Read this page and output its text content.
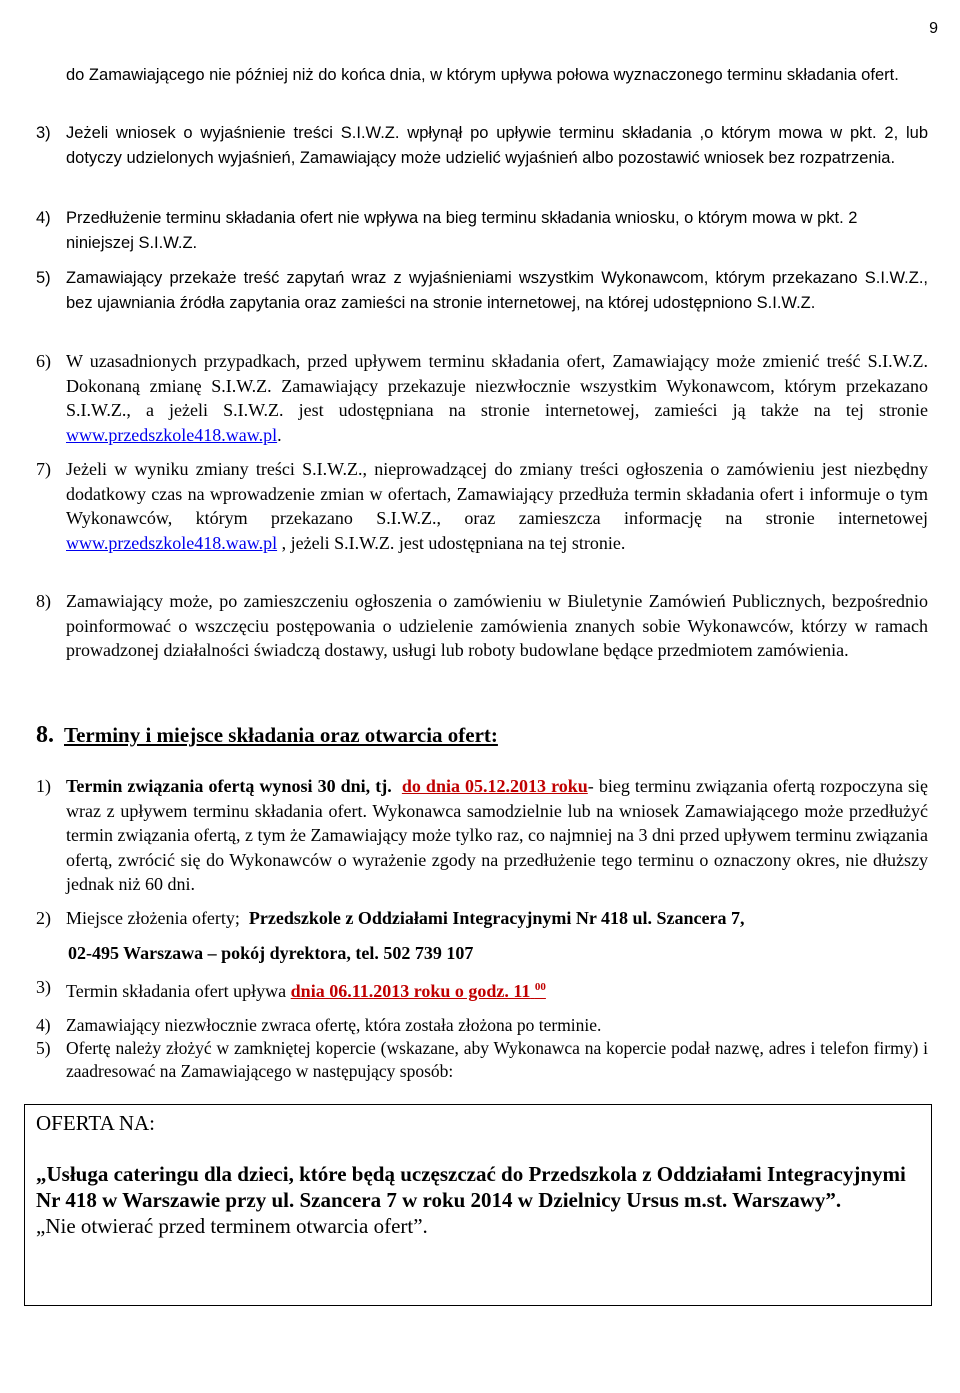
9
do Zamawiającego nie później niż do końca dnia, w którym upływa połowa wyznaczonego terminu składania ofert.
3) Jeżeli wniosek o wyjaśnienie treści S.I.W.Z. wpłynął po upływie terminu składania ,o którym mowa w pkt. 2, lub dotyczy udzielonych wyjaśnień, Zamawiający może udzielić wyjaśnień albo pozostawić wniosek bez rozpatrzenia.
4) Przedłużenie terminu składania ofert nie wpływa na bieg terminu składania wniosku, o którym mowa w pkt. 2 niniejszej S.I.W.Z.
5) Zamawiający przekaże treść zapytań wraz z wyjaśnieniami wszystkim Wykonawcom, którym przekazano S.I.W.Z., bez ujawniania źródła zapytania oraz zamieści na stronie internetowej, na której udostępniono S.I.W.Z.
6) W uzasadnionych przypadkach, przed upływem terminu składania ofert, Zamawiający może zmienić treść S.I.W.Z. Dokonaną zmianę S.I.W.Z. Zamawiający przekazuje niezwłocznie wszystkim Wykonawcom, którym przekazano S.I.W.Z., a jeżeli S.I.W.Z. jest udostępniana na stronie internetowej, zamieści ją także na tej stronie www.przedszkole418.waw.pl.
7) Jeżeli w wyniku zmiany treści S.I.W.Z., nieprowadzącej do zmiany treści ogłoszenia o zamówieniu jest niezbędny dodatkowy czas na wprowadzenie zmian w ofertach, Zamawiający przedłuża termin składania ofert i informuje o tym Wykonawców, którym przekazano S.I.W.Z., oraz zamieszcza informację na stronie internetowej www.przedszkole418.waw.pl , jeżeli S.I.W.Z. jest udostępniana na tej stronie.
8) Zamawiający może, po zamieszczeniu ogłoszenia o zamówieniu w Biuletynie Zamówień Publicznych, bezpośrednio poinformować o wszczęciu postępowania o udzielenie zamówienia znanych sobie Wykonawców, którzy w ramach prowadzonej działalności świadczą dostawy, usługi lub roboty budowlane będące przedmiotem zamówienia.
8. Terminy i miejsce składania oraz otwarcia ofert:
1) Termin związania ofertą wynosi 30 dni, tj. do dnia 05.12.2013 roku- bieg terminu związania ofertą rozpoczyna się wraz z upływem terminu składania ofert. Wykonawca samodzielnie lub na wniosek Zamawiającego może przedłużyć termin związania ofertą, z tym że Zamawiający może tylko raz, co najmniej na 3 dni przed upływem terminu związania ofertą, zwrócić się do Wykonawców o wyrażenie zgody na przedłużenie tego terminu o oznaczony okres, nie dłuższy jednak niż 60 dni.
2) Miejsce złożenia oferty; Przedszkole z Oddziałami Integracyjnymi Nr 418 ul. Szancera 7,
02-495 Warszawa – pokój dyrektora, tel. 502 739 107
3) Termin składania ofert upływa dnia 06.11.2013 roku o godz. 11 $^{00}$
4) Zamawiający niezwłocznie zwraca ofertę, która została złożona po terminie.
5) Ofertę należy złożyć w zamkniętej kopercie (wskazane, aby Wykonawca na kopercie podał nazwę, adres i telefon firmy) i zaadresować na Zamawiającego w następujący sposób:
OFERTA NA:
„Usługa cateringu dla dzieci, które będą uczęszczać do Przedszkola z Oddziałami Integracyjnymi Nr 418 w Warszawie przy ul. Szancera 7 w roku 2014 w Dzielnicy Ursus m.st. Warszawy”.
„Nie otwierać przed terminem otwarcia ofert”.
